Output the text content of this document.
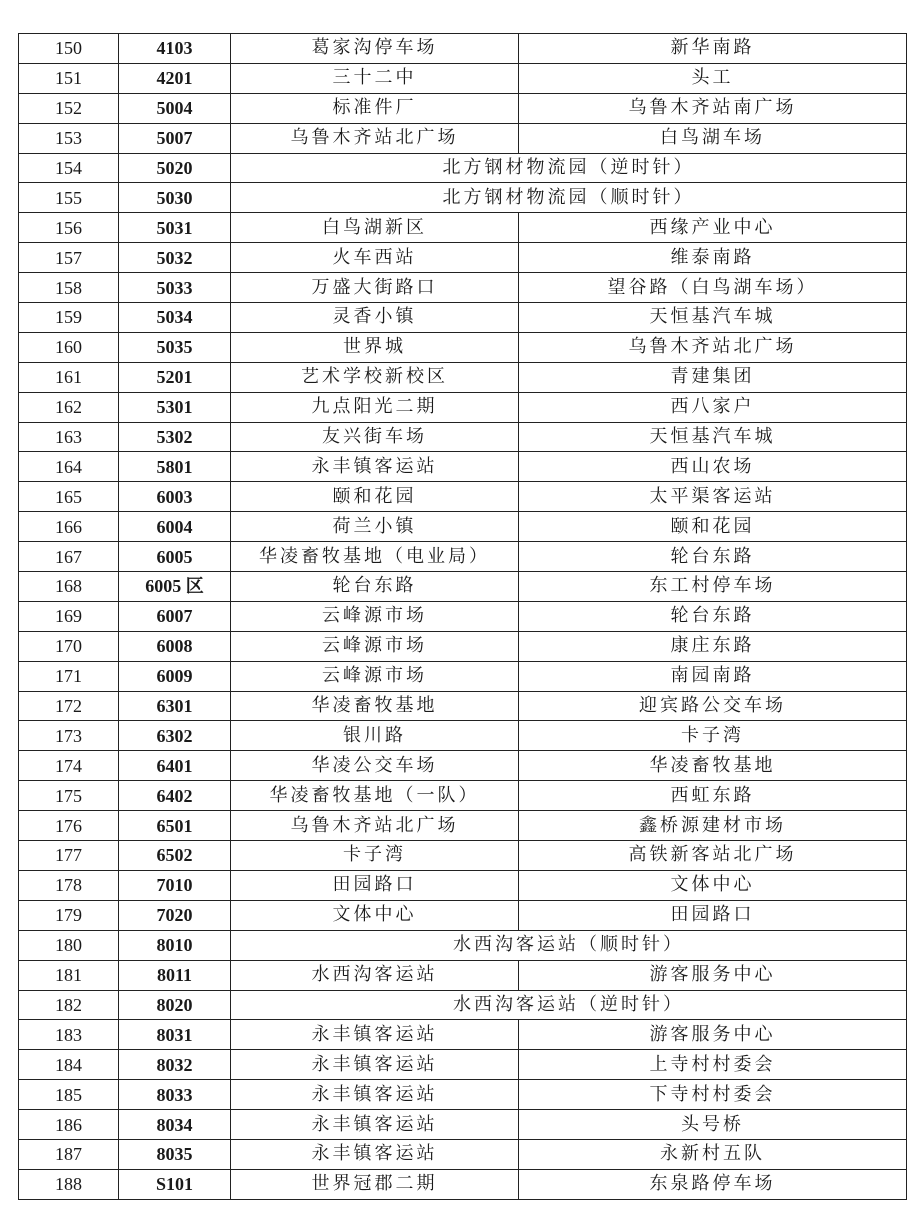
150	4103	葛家沟停车场	新华南路
151	4201	三十二中	头工
152	5004	标准件厂	乌鲁木齐站南广场
153	5007	乌鲁木齐站北广场	白鸟湖车场
154	5020	北方钢材物流园（逆时针）	
155	5030	北方钢材物流园（顺时针）	
156	5031	白鸟湖新区	西缘产业中心
157	5032	火车西站	维泰南路
158	5033	万盛大街路口	望谷路（白鸟湖车场）
159	5034	灵香小镇	天恒基汽车城
160	5035	世界城	乌鲁木齐站北广场
161	5201	艺术学校新校区	青建集团
162	5301	九点阳光二期	西八家户
163	5302	友兴街车场	天恒基汽车城
164	5801	永丰镇客运站	西山农场
165	6003	颐和花园	太平渠客运站
166	6004	荷兰小镇	颐和花园
167	6005	华凌畜牧基地（电业局）	轮台东路
168	6005 区	轮台东路	东工村停车场
169	6007	云峰源市场	轮台东路
170	6008	云峰源市场	康庄东路
171	6009	云峰源市场	南园南路
172	6301	华凌畜牧基地	迎宾路公交车场
173	6302	银川路	卡子湾
174	6401	华凌公交车场	华凌畜牧基地
175	6402	华凌畜牧基地（一队）	西虹东路
176	6501	乌鲁木齐站北广场	鑫桥源建材市场
177	6502	卡子湾	高铁新客站北广场
178	7010	田园路口	文体中心
179	7020	文体中心	田园路口
180	8010	水西沟客运站（顺时针）	
181	8011	水西沟客运站	游客服务中心
182	8020	水西沟客运站（逆时针）	
183	8031	永丰镇客运站	游客服务中心
184	8032	永丰镇客运站	上寺村村委会
185	8033	永丰镇客运站	下寺村村委会
186	8034	永丰镇客运站	头号桥
187	8035	永丰镇客运站	永新村五队
188	S101	世界冠郡二期	东泉路停车场
